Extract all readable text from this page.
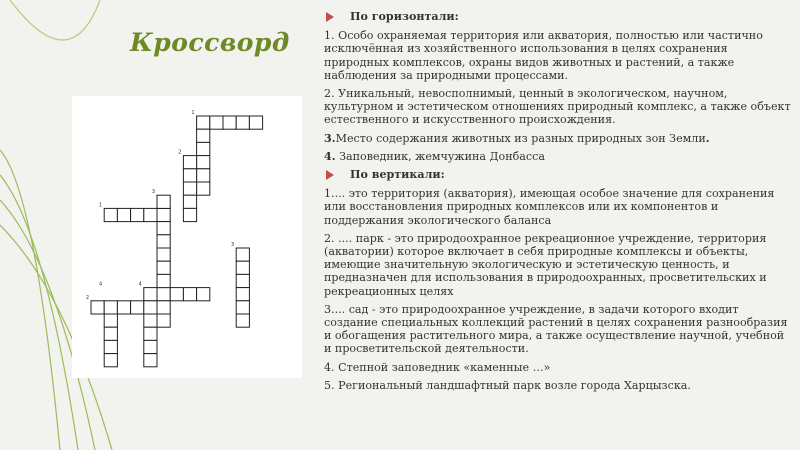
Кроссворд
1
2
3
1
3
4	4
2
По горизонтали:

1. Особо охраняемая территория или акватория, полностью или частично исключённая из хозяйственного использования в целях сохранения природных комплексов, охраны видов животных и растений, а также наблюдения за природными процессами.

2. Уникальный, невосполнимый, ценный в экологическом, научном, культурном и эстетическом отношениях природный комплекс, а также объект естественного и искусственного происхождения.

3.Место содержания животных из разных природных зон Земли.

4. Заповедник, жемчужина Донбасса

По вертикали:

1.... это территория (акватория), имеющая особое значение для сохранения или восстановления природных комплексов или их компонентов и поддержания экологического баланса

2. .... парк - это природоохранное рекреационное учреждение, территория (акватории) которое включает в себя природные комплексы и объекты, имеющие значительную экологическую и эстетическую ценность, и предназначен для использования в природоохранных, просветительских и рекреационных целях

3.... сад - это природоохранное учреждение, в задачи которого входит создание специальных коллекций растений в целях сохранения разнообразия и обогащения растительного мира, а также осуществление научной, учебной и просветительской деятельности.

4. Степной заповедник «каменные …»

5. Региональный ландшафтный парк возле города Харцызска.
